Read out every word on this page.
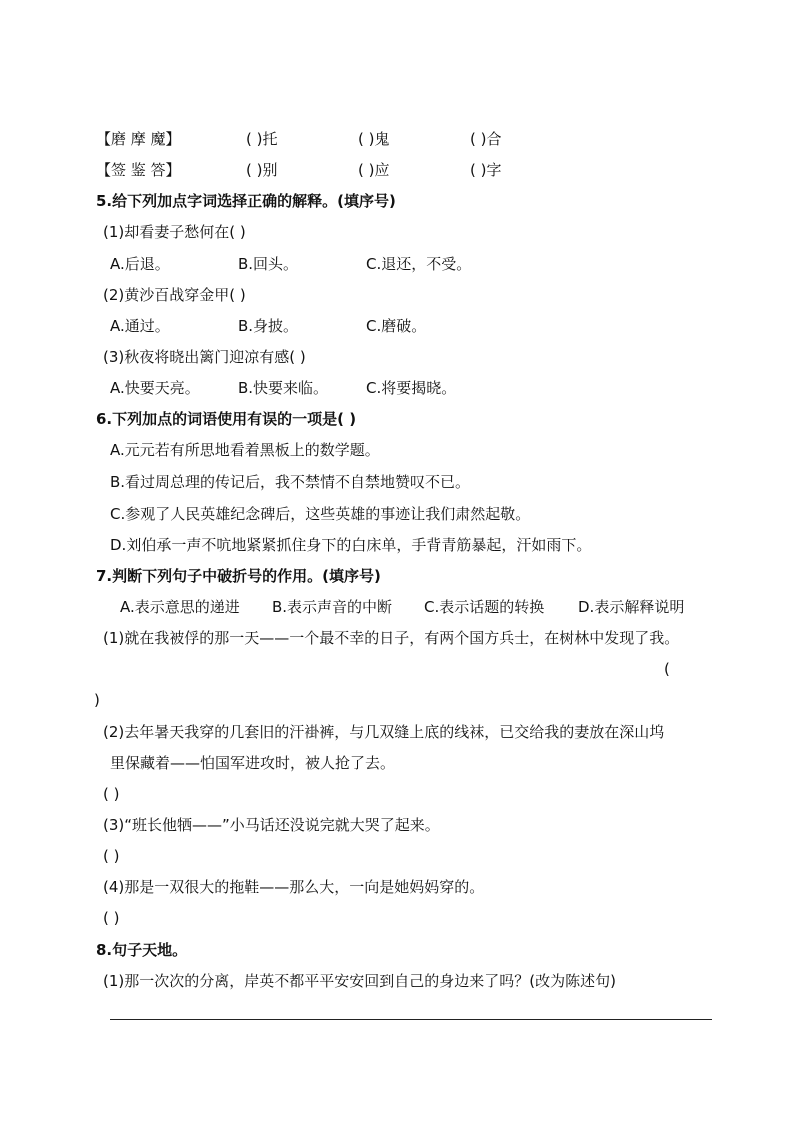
【磨 摩 魔】	( )托	( )鬼	( )合
【签 鉴 答】	( )别	( )应	( )字
5.给下列加点字词选择正确的解释。(填序号)
(1)却看妻子愁何在( )
A.后退。	B.回头。	C.退还，不受。
(2)黄沙百战穿金甲( )
A.通过。	B.身披。	C.磨破。
(3)秋夜将晓出篱门迎凉有感( )
A.快要天亮。	B.快要来临。	C.将要揭晓。
6.下列加点的词语使用有误的一项是( )
A.元元若有所思地看着黑板上的数学题。
B.看过周总理的传记后，我不禁情不自禁地赞叹不已。
C.参观了人民英雄纪念碑后，这些英雄的事迹让我们肃然起敬。
D.刘伯承一声不吭地紧紧抓住身下的白床单，手背青筋暴起，汗如雨下。
7.判断下列句子中破折号的作用。(填序号)
A.表示意思的递进 B.表示声音的中断 C.表示话题的转换 D.表示解释说明
(1)就在我被俘的那一天——一个最不幸的日子，有两个国方兵士，在树林中发现了我。
(
)
(2)去年暑天我穿的几套旧的汗褂裤，与几双缝上底的线袜，已交给我的妻放在深山坞
里保藏着——怕国军进攻时，被人抢了去。
( )
(3)“班长他牺——”小马话还没说完就大哭了起来。
( )
(4)那是一双很大的拖鞋——那么大，一向是她妈妈穿的。
( )
8.句子天地。
(1)那一次次的分离，岸英不都平平安安回到自己的身边来了吗？(改为陈述句)
